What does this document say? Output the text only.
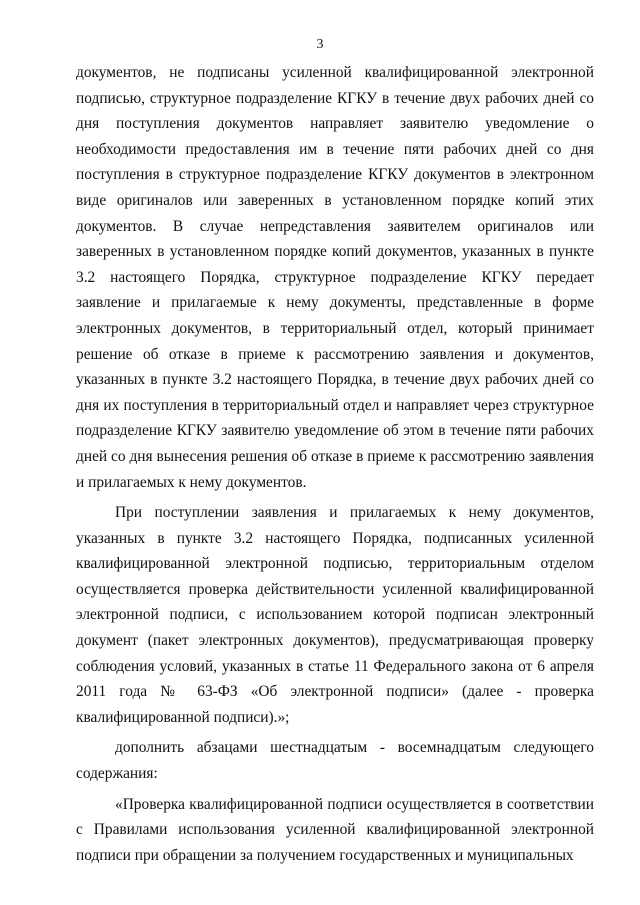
3

документов, не подписаны усиленной квалифицированной электронной подписью, структурное подразделение КГКУ в течение двух рабочих дней со дня поступления документов направляет заявителю уведомление о необходимости предоставления им в течение пяти рабочих дней со дня поступления в структурное подразделение КГКУ документов в электронном виде оригиналов или заверенных в установленном порядке копий этих документов. В случае непредставления заявителем оригиналов или заверенных в установленном порядке копий документов, указанных в пункте 3.2 настоящего Порядка, структурное подразделение КГКУ передает заявление и прилагаемые к нему документы, представленные в форме электронных документов, в территориальный отдел, который принимает решение об отказе в приеме к рассмотрению заявления и документов, указанных в пункте 3.2 настоящего Порядка, в течение двух рабочих дней со дня их поступления в территориальный отдел и направляет через структурное подразделение КГКУ заявителю уведомление об этом в течение пяти рабочих дней со дня вынесения решения об отказе в приеме к рассмотрению заявления и прилагаемых к нему документов.

При поступлении заявления и прилагаемых к нему документов, указанных в пункте 3.2 настоящего Порядка, подписанных усиленной квалифицированной электронной подписью, территориальным отделом осуществляется проверка действительности усиленной квалифицированной электронной подписи, с использованием которой подписан электронный документ (пакет электронных документов), предусматривающая проверку соблюдения условий, указанных в статье 11 Федерального закона от 6 апреля 2011 года № 63-ФЗ «Об электронной подписи» (далее - проверка квалифицированной подписи).»;

дополнить абзацами шестнадцатым - восемнадцатым следующего содержания:

«Проверка квалифицированной подписи осуществляется в соответствии с Правилами использования усиленной квалифицированной электронной подписи при обращении за получением государственных и муниципальных
